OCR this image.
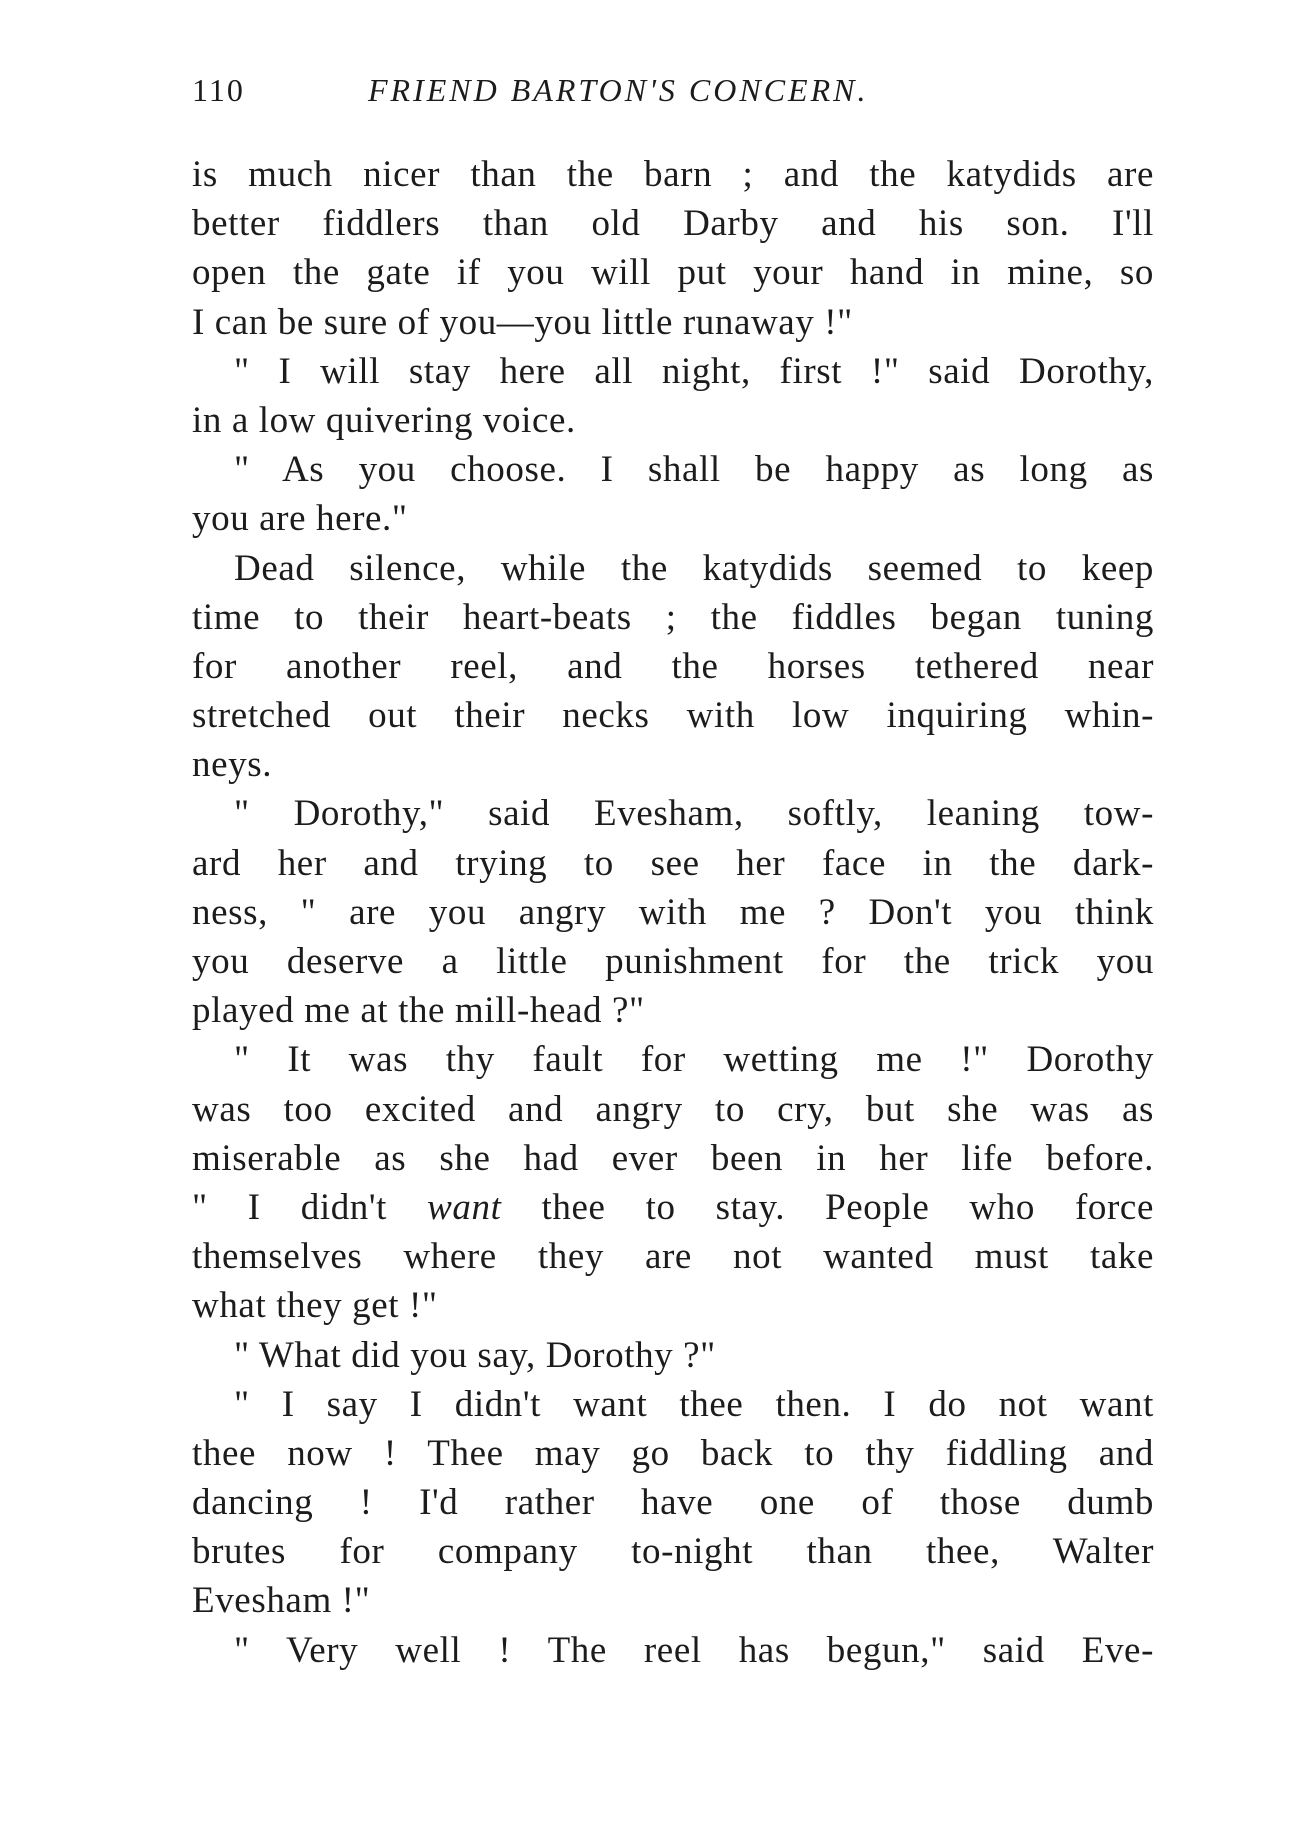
110	FRIEND BARTON'S CONCERN.
is much nicer than the barn ; and the katydids are
better fiddlers than old Darby and his son. I'll
open the gate if you will put your hand in mine, so
I can be sure of you—you little runaway !"
" I will stay here all night, first !" said Dorothy,
in a low quivering voice.
" As you choose. I shall be happy as long as
you are here."
Dead silence, while the katydids seemed to keep
time to their heart-beats ; the fiddles began tuning
for another reel, and the horses tethered near
stretched out their necks with low inquiring whin-
neys.
" Dorothy," said Evesham, softly, leaning tow-
ard her and trying to see her face in the dark-
ness, " are you angry with me ? Don't you think
you deserve a little punishment for the trick you
played me at the mill-head ?"
" It was thy fault for wetting me !" Dorothy
was too excited and angry to cry, but she was as
miserable as she had ever been in her life before.
" I didn't want thee to stay. People who force
themselves where they are not wanted must take
what they get !"
" What did you say, Dorothy ?"
" I say I didn't want thee then. I do not want
thee now ! Thee may go back to thy fiddling and
dancing ! I'd rather have one of those dumb
brutes for company to-night than thee, Walter
Evesham !"
" Very well ! The reel has begun," said Eve-
